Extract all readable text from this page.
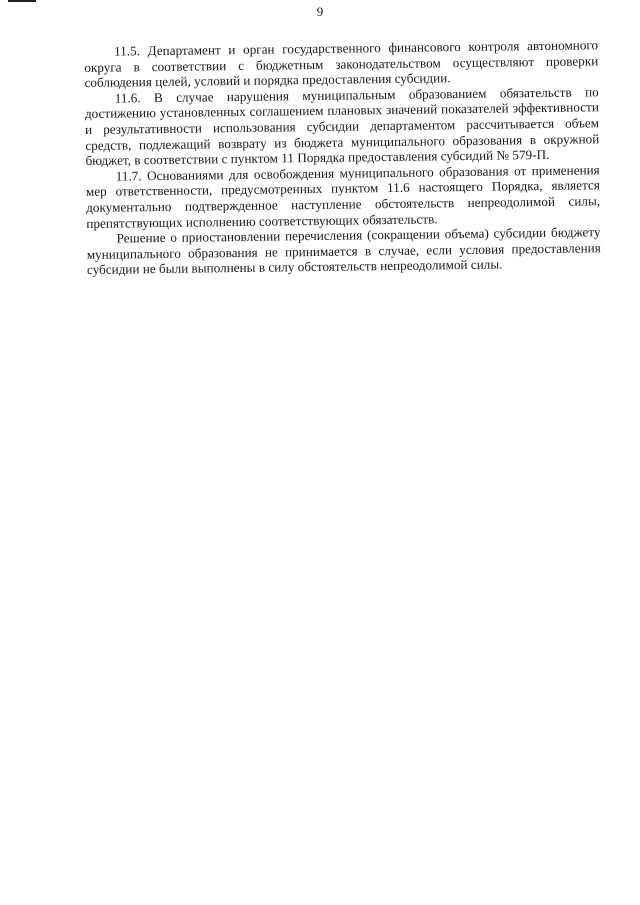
9

11.5. Департамент и орган государственного финансового контроля автономного округа в соответствии с бюджетным законодательством осуществляют проверки соблюдения целей, условий и порядка предоставления субсидии.

11.6. В случае нарушения муниципальным образованием обязательств по достижению установленных соглашением плановых значений показателей эффективности и результативности использования субсидии департаментом рассчитывается объем средств, подлежащий возврату из бюджета муниципального образования в окружной бюджет, в соответствии с пунктом 11 Порядка предоставления субсидий № 579-П.

11.7. Основаниями для освобождения муниципального образования от применения мер ответственности, предусмотренных пунктом 11.6 настоящего Порядка, является документально подтвержденное наступление обстоятельств непреодолимой силы, препятствующих исполнению соответствующих обязательств.

Решение о приостановлении перечисления (сокращении объема) субсидии бюджету муниципального образования не принимается в случае, если условия предоставления субсидии не были выполнены в силу обстоятельств непреодолимой силы.
